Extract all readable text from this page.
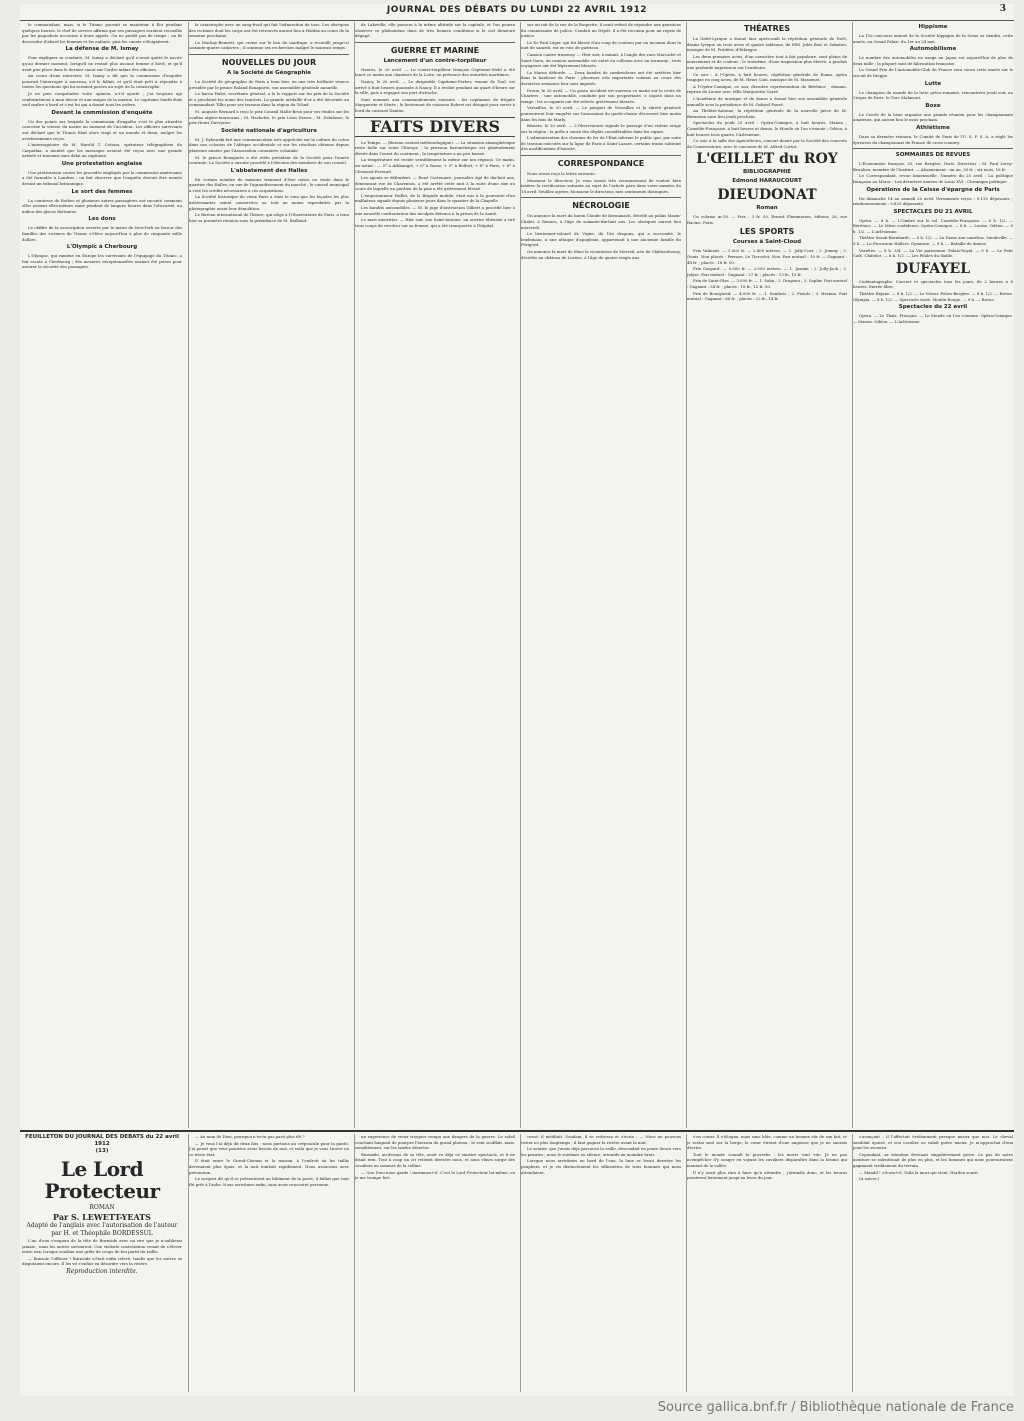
JOURNAL DES DÉBATS DU LUNDI 22 AVRIL 1912	3

le commandant, mais, si le Titanic pouvait se maintenir à flot pendant quelques heures, le chef de service affirma que ses passagers seraient recueillis par les paquebots accourus à leurs appels. On ne perdit pas de temps ; on fit descendre d'abord les femmes et les enfants, puis les canots s'éloignèrent.

La défense de M. Ismay

Pour expliquer sa conduite, M. Ismay a déclaré qu'il n'avait quitté le navire qu'au dernier moment, lorsqu'il ne restait plus aucune femme à bord, et qu'il avait pris place dans le dernier canot sur l'ordre même des officiers.

Au cours d'une interview, M. Ismay a dit que la commission d'enquête pourrait l'interroger à nouveau, s'il le fallait, et qu'il était prêt à répondre à toutes les questions qui lui seraient posées au sujet de la catastrophe.

Je ne puis comprendre votre opinion, a-t-il ajouté ; j'ai toujours agi conformément à mon devoir et aux usages de la marine. Le capitaine Smith était seul maître à bord et c'est lui qui a donné tous les ordres.

Devant la commission d'enquête

Un des points sur lesquels la commission d'enquête s'est le plus attardée concerne la vitesse du navire au moment de l'accident. Les officiers survivants ont déclaré que le Titanic filait alors vingt et un nœuds et demi, malgré les avertissements reçus.

L'interrogatoire de M. Harold T. Cottam, opérateur télégraphiste du Carpathia, a montré que les messages avaient été reçus avec une grande netteté et transmis sans délai au capitaine.

Une protestation anglaise

Une protestation contre les procédés employés par la commission américaine a été formulée à Londres ; on fait observer que l'enquête devrait être menée devant un tribunal britannique.

Le sort des femmes

La comtesse de Rothes et plusieurs autres passagères ont raconté comment elles avaient elles-mêmes ramé pendant de longues heures dans l'obscurité, au milieu des glaces flottantes.

Les dons

Le chiffre de la souscription ouverte par le maire de New-York en faveur des familles des victimes du Titanic s'élève aujourd'hui à plus de cinquante mille dollars.

L'Olympic à Cherbourg

L'Olympic, qui ramène en Europe les survivants de l'équipage du Titanic, a fait escale à Cherbourg ; des mesures exceptionnelles avaient été prises pour assurer la sécurité des passagers.

la catastrophe avec un sang-froid qui fait l'admiration de tous. Les obsèques des victimes dont les corps ont été retrouvés auront lieu à Halifax au cours de la semaine prochaine.

Le Mackay-Bennett, qui croise sur le lieu du naufrage, a recueilli jusqu'ici soixante-quatre cadavres ; il continue ses recherches malgré le mauvais temps.

NOUVELLES DU JOUR
A la Société de Géographie

La Société de géographie de Paris a tenu hier, en une très brillante séance présidée par le prince Roland Bonaparte, son assemblée générale annuelle.

Le baron Hulot, secrétaire général, a lu le rapport sur les prix de la Société et a proclamé les noms des lauréats. La grande médaille d'or a été décernée au commandant Tilho pour ses travaux dans la région du Tchad.

M. Auguste Bernard a reçu le prix Conrad Malte-Brun pour ses études sur les confins algéro-marocains ; M. Hachette, le prix Léon Dewez ; M. Delafosse, le prix Henri Duveyrier.

Société nationale d'agriculture

M. J. Dybowski fait une communication très appréciée sur la culture du coton dans nos colonies de l'Afrique occidentale et sur les résultats obtenus depuis plusieurs années par l'Association cotonnière coloniale.

M. le prince Bonaparte a été réélu président de la Société pour l'année courante. La Société a ensuite procédé à l'élection des membres de son conseil.

L'abbatement des Halles

En certain nombre de maisons viennent d'être mises en vente dans le quartier des Halles, en vue de l'agrandissement du marché ; le conseil municipal a voté les crédits nécessaires à ces acquisitions.

La Société historique du vieux Paris a émis le vœu que les façades les plus intéressantes soient conservées ou tout au moins reproduites par la photographie avant leur démolition.

Le Bureau international de l'heure, qui siège à l'Observatoire de Paris, a tenu hier sa première réunion sous la présidence de M. Baillaud.

de Lakeville, elle passera à la même altitude sur la capitale, et l'on pourra observer ce phénomène dans de très bonnes conditions si le ciel demeure dégagé.

GUERRE ET MARINE
Lancement d'un contre-torpilleur

Nantes, le 20 avril. — Le contre-torpilleur français Capitaine-Mehl a été lancé ce matin aux chantiers de la Loire, en présence des autorités maritimes.

Nancy, le 20 avril. — Le dirigeable Capitaine-Ferber, venant de Toul, est arrivé à huit heures quarante à Nancy. Il a évolué pendant un quart d'heure sur la ville, puis a regagné son port d'attache.

Sont nommés aux commandements suivants : les capitaines de frégate Marguerite et Sénès ; le lieutenant de vaisseau Robert est désigné pour servir à bord du cuirassé Danton.

FAITS DIVERS

Le Temps. — (Bureau central météorologique). — La situation atmosphérique reste belle sur toute l'Europe ; la pression barométrique est généralement élevée dans l'ouest du continent ; la température a un peu baissé.

La température est restée sensiblement la même sur nos régions. Ce matin, on notait : — 5° à Arkhangel, + 6° à Rome, + 5° à Belfort, + 8° à Paris, + 6° à Clermont-Ferrand.

Les agents se défendent. — René Cortenaire, journalier âgé de dix-huit ans, demeurant rue de Charenton, a été arrêté cette nuit à la suite d'une rixe au cours de laquelle un gardien de la paix a été grièvement blessé.

L'empoisonneur Paillet, de la Brigade mobile, était mis à la poursuite d'un malfaiteur signalé depuis plusieurs jours dans le quartier de la Chapelle.

Les bandits automobiles. — M. le juge d'instruction Gilbert a procédé hier à une nouvelle confrontation des inculpés détenus à la prison de la Santé.

Le mari meurtrier. — Hier soir, rue Saint-Antoine, un ouvrier ébéniste a tiré trois coups de revolver sur sa femme, qui a été transportée à l'hôpital.

sur un toit de la rue de la Roquette, il avait refusé de répondre aux questions du commissaire de police. Conduit au Dépôt, il a été reconnu pour un repris de justice.

Le Dr Paul Léger, qui fut blessé d'un coup de couteau par un inconnu dans la nuit de samedi, est en voie de guérison.

Camion contre tramway. — Hier soir, à minuit, à l'angle des rues Marcadet et Saint-Ouen, un camion automobile est entré en collision avec un tramway ; trois voyageurs ont été légèrement blessés.

La Marne déborde. — Deux bandes de cambrioleurs ont été arrêtées hier dans la banlieue de Paris ; plusieurs vols importants commis au cours des dernières semaines leur sont imputés.

Dreux, le 20 avril. — Un grave accident est survenu ce matin sur la route de Chartres : une automobile, conduite par son propriétaire, a capoté dans un virage ; les occupants ont été relevés grièvement blessés.

Versailles, le 20 avril. — Le parquet de Versailles et la sûreté générale poursuivent leur enquête sur l'assassinat du garde-chasse découvert hier matin dans les bois de Marly.

Béziers, le 20 avril. — L'Observatoire signale le passage d'un violent orage sur la région ; la grêle a causé des dégâts considérables dans les vignes.

L'administration des chemins de fer de l'État informe le public que, par suite de travaux exécutés sur la ligne de Paris à Saint-Lazare, certains trains subiront des modifications d'horaire.

CORRESPONDANCE

Nous avons reçu la lettre suivante :

Monsieur le directeur, Je vous serais très reconnaissant de vouloir bien insérer la rectification suivante au sujet de l'article paru dans votre numéro du 18 avril. Veuillez agréer, Monsieur le directeur, mes sentiments distingués.

NÉCROLOGIE

On annonce la mort du baron Claude de Kermanach, décédé au palais Mazin-Chalet, à Rennes, à l'âge de soixante-dix-huit ans. Les obsèques auront lieu mercredi.

Le lieutenant-colonel de Vigier, du 18e dragons, qui a succombé, le lendemain, à une attaque d'apoplexie, appartenait à une ancienne famille du Périgord.

On annonce la mort de Mme la vicomtesse de Merveil, née de Châteaubourg, décédée au château de Lestiac, à l'âge de quatre-vingts ans.

THÉATRES

La Gaîté-Lyrique a donné hier après-midi la répétition générale de Noël, drame lyrique en trois actes et quatre tableaux, de MM. Jules Bois et Sabatier, musique de M. Frédéric d'Erlanger.

Les deux premiers actes, d'un caractère tout à fait populaire, sont pleins de mouvement et de couleur ; le troisième, d'une inspiration plus élevée, a produit une profonde impression sur l'auditoire.

Ce soir : A l'Opéra, à huit heures, répétition générale de Roma, opéra tragique en cinq actes, de M. Henri Cain, musique de M. Massenet.

A l'Opéra-Comique, ce soir, dernière représentation de Bérénice ; demain, reprise de Louise avec Mlle Marguerite Carré.

L'Académie de musique et de danse a donné hier son assemblée générale annuelle sous la présidence de M. Gabriel Fauré.

Au Théâtre-Antoine, la répétition générale de la nouvelle pièce de M. Bernstein aura lieu jeudi prochain.

Spectacles du jeudi 25 avril : Opéra-Comique, à huit heures, Manon ; Comédie-Française, à huit heures et demie, le Monde où l'on s'ennuie ; Odéon, à huit heures trois quarts, l'Arlésienne.

Ce soir, à la salle des Agriculteurs, concert donné par la Société des concerts du Conservatoire, avec le concours de M. Alfred Cortot.

L'ŒILLET du ROY
BIBLIOGRAPHIE
Edmond HARAUCOURT
DIEUDONAT
Roman

Un volume in-18. — Prix : 3 fr. 50. Ernest Flammarion, éditeur, 26, rue Racine, Paris.

LES SPORTS
Courses à Saint-Cloud

Prix Valmont. — 3.000 fr. — 2.400 mètres. — 1. Jolly-Coer ; 2. Jemmy ; 3. Ouais. Non placés : Ferrare, Le Tiercelet, Nox. Pari mutuel : 10 fr. — Gagnant : 48 fr. ; placés : 18 fr. 50.

Prix Gaspard. — 5.000 fr. — 2.000 mètres. — 1. Jasmin ; 2. Jolly-Jack ; 3. Jalyse. Pari mutuel : Gagnant : 27 fr. ; placés : 13 fr., 15 fr.

Prix de Saint-Olse. — 3.000 fr. — 1. Saba ; 2. Drapeau ; 3. Saphir. Pari mutuel : Gagnant : 34 fr. ; placés : 18 fr., 12 fr. 50.

Prix de Bourgneuf. — 4.000 fr. — 1. Sambrio ; 2. Pistole ; 3. Hermia. Pari mutuel : Gagnant : 68 fr. ; placés : 22 fr., 14 fr.

Hippisme

La 15e concours annuel de la Société hippique de la Seine se tiendra, cette année, au Grand Palais, du 1er au 24 mai.

Automobilisme

Le nombre des automobiles en usage au Japon est aujourd'hui de plus de deux mille ; la plupart sont de fabrication française.

Le Grand Prix de l'Automobile-Club de France sera couru cette année sur le circuit de Dieppe.

Lutte

Le champion du monde de la lutte gréco-romaine, rencontrera jeudi soir, au Cirque de Paris, le Turc Mahmout.

Boxe

Le Cercle de la boxe organise une grande réunion pour les championnats amateurs, qui auront lieu le mois prochain.

Athlétisme

Dans sa dernière réunion, le Comité de Paris de l'U. S. F. S. A. a réglé les épreuves du championnat de France de cross-country.

SOMMAIRES DE REVUES

L'Économiste français, 35, rue Bergère, Paris. Directeur : M. Paul Leroy-Beaulieu, membre de l'Institut. — Abonnement : un an, 30 fr. ; six mois, 16 fr.

Le Correspondant, revue bimensuelle. Numéro du 25 avril : La politique française au Maroc ; Les dernières années de Louis XVI ; Chronique politique.

Opérations de la Caisse d'épargne de Paris

Du dimanche 14 au samedi 20 avril. Versements reçus : 9.115 déposants ; remboursements : 5.820 déposants.

SPECTACLES DU 21 AVRIL

Opéra. — 8 h. — L'Ombre sur le sol. Comédie-Française. — 8 h. 1/2. — Bérénice. — Le Mitre confidence. Opéra-Comique. — 8 h. — Louise. Odéon. — 8 h. 1/2. — L'Arlésienne.

Théâtre Sarah-Bernhardt. — 8 h. 1/2. — La Dame aux camélias. Vaudeville. — 9 h. — Le Procureur Hallers. Gymnase. — 9 h. — Bataille de dames.

Variétés. — 8 h. 3/4. — La Vie parisienne. Palais-Royal. — 9 h. — Le Petit Café. Châtelet. — 8 h. 1/2. — Les Pilules du diable.

DUFAYEL

Cinématographe. Concert et spectacles tous les jours, de 2 heures à 6 heures. Entrée libre.

Théâtre Réjane. — 8 h. 1/2. — Le Voleur. Folies-Bergère. — 8 h. 1/2. — Revue. Olympia. — 8 h. 1/2. — Spectacle varié. Moulin-Rouge. — 9 h. — Revue.

Spectacles du 22 avril

Opéra. — Le Thaïs. Français. — Le Monde où l'on s'ennuie. Opéra-Comique. — Manon. Odéon. — L'Arlésienne.

FEUILLETON DU JOURNAL DES DÉBATS du 22 avril 1912
(13)
Le Lord Protecteur
ROMAN
Par S. LEWETT-YEATS
Adapté de l'anglais avec l'autorisation de l'auteur par H. et Théophile BORDESSUL

L'un d'eux s'empara de la tête de Burnside avec un rire que je n'oublierai jamais ; mais les autres survinrent. Une violente contestation venait de s'élever entre eux, lorsque soudain une grêle de coups de feu partit du taillis.

— Bonsoir, l'officier ! Burnside s'était enfin relevé, tandis que les autres se disputaient encore. Il les vit s'enfuir en désordre vers la rivière.

Reproduction interdite.

— Au nom de Dieu, pourquoi n'es-tu pas parti plus tôt ?

— Je vous l'ai déjà dit deux fois : nous partions au crépuscule pour la garde. J'ai pensé que vous pourriez avoir besoin de moi, et voilà que je vous trouve en ce triste état.

Il était entre le Grand-Chemin et la maison, à l'endroit où les taillis devenaient plus épais, et la nuit tombait rapidement. Nous avancions avec précaution.

Le sergent dit qu'il se présenterait au bâtiment de la porte, il fallait que tout fût prêt à l'aube. Nous arrivâmes enfin, sans avoir rencontré personne.

un experience de vieux troupier rompu aux dangers de la guerre. Le soleil couchant baignait de pourpre l'horizon du grand plateau ; le vent soufflait, mais, sensiblement, sur les landes désertes.

Burnside, au-dessus de sa tête, avait vu déjà ce sinistre spectacle, et il ne disait rien. Tout à coup un cri retentit derrière nous, et nous vîmes surgir des cavaliers au sommet de la colline.

— Que Dieu nous garde ! murmura-t-il. C'est le Lord Protecteur lui-même, ou je me trompe fort.

cessé, il méditait. Soudain, il se redressa et s'écria : — Nous ne pouvons rester ici plus longtemps ; il faut gagner la rivière avant la nuit.

Le sentier, que j'avais déjà parcouru la veille, descendait en pente douce vers les prairies ; nous le suivîmes en silence, attentifs au moindre bruit.

Lorsque nous arrivâmes au bord de l'eau, la lune se levait derrière les peupliers, et je vis distinctement les silhouettes de trois hommes qui nous attendaient.

s'en courir. Il s'éloigna, mais sans hâte, comme un homme sûr de son fait, et je restai seul sur la berge, le cœur étreint d'une angoisse que je ne saurais décrire.

Tout le monde connaît le proverbe : les morts vont vite. Je ne pus m'empêcher d'y songer en voyant les cavaliers disparaître dans la brume qui montait de la vallée.

Il n'y avait plus rien à faire qu'à attendre ; j'attendis donc, et les heures passèrent lentement jusqu'au lever du jour.

s'avançant ; il l'affectait évidemment presque mieux que moi. Le cheval semblait épuisé, et son cavalier ne valait guère mieux. Je m'approchai d'eux pour les secourir.

Cependant, sa situation devenait singulièrement grave. Le pas de notre monture se ralentissait de plus en plus, et les hommes qui nous poursuivaient gagnaient visiblement du terrain.

— Mandil ! s'écria-t-il. Voilà la mort qui vient. Harden sourit.

(A suivre.)

Source gallica.bnf.fr / Bibliothèque nationale de France
